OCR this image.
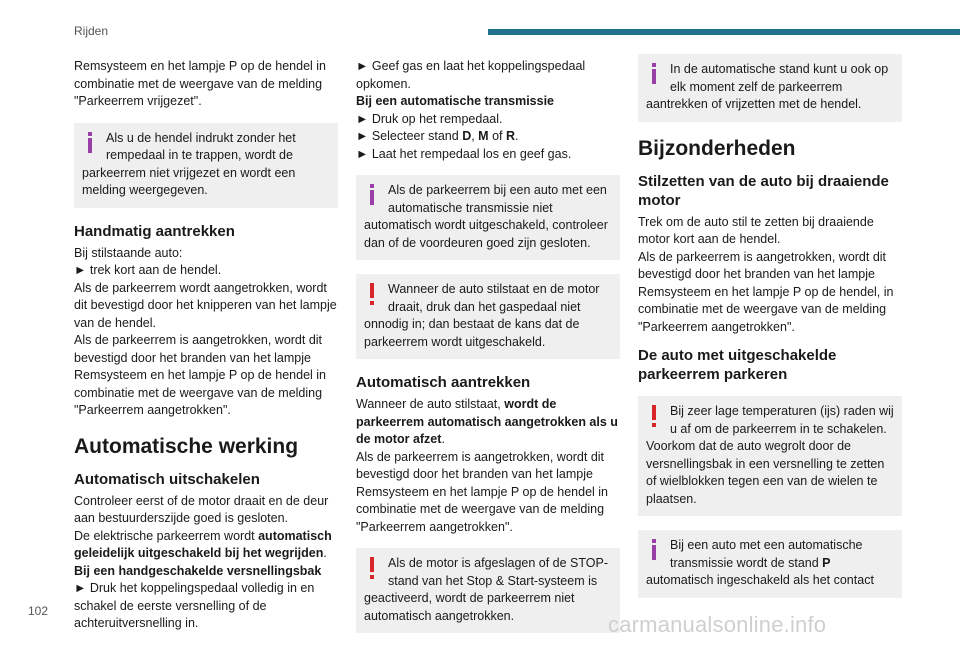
Rijden

Remsysteem en het lampje P op de hendel in combinatie met de weergave van de melding "Parkeerrem vrijgezet".

Als u de hendel indrukt zonder het rempedaal in te trappen, wordt de parkeerrem niet vrijgezet en wordt een melding weergegeven.
Handmatig aantrekken

Bij stilstaande auto:

► trek kort aan de hendel.

Als de parkeerrem wordt aangetrokken, wordt dit bevestigd door het knipperen van het lampje van de hendel.

Als de parkeerrem is aangetrokken, wordt dit bevestigd door het branden van het lampje Remsysteem en het lampje P op de hendel in combinatie met de weergave van de melding "Parkeerrem aangetrokken".

Automatische werking
Automatisch uitschakelen

Controleer eerst of de motor draait en de deur aan bestuurderszijde goed is gesloten.

De elektrische parkeerrem wordt automatisch geleidelijk uitgeschakeld bij het wegrijden.

Bij een handgeschakelde versnellingsbak

► Druk het koppelingspedaal volledig in en schakel de eerste versnelling of de achteruitversnelling in.

► Geef gas en laat het koppelingspedaal opkomen.

Bij een automatische transmissie

► Druk op het rempedaal.

► Selecteer stand D, M of R.

► Laat het rempedaal los en geef gas.

Als de parkeerrem bij een auto met een automatische transmissie niet automatisch wordt uitgeschakeld, controleer dan of de voordeuren goed zijn gesloten.
Wanneer de auto stilstaat en de motor draait, druk dan het gaspedaal niet onnodig in; dan bestaat de kans dat de parkeerrem wordt uitgeschakeld.
Automatisch aantrekken

Wanneer de auto stilstaat, wordt de parkeerrem automatisch aangetrokken als u de motor afzet.

Als de parkeerrem is aangetrokken, wordt dit bevestigd door het branden van het lampje Remsysteem en het lampje P op de hendel in combinatie met de weergave van de melding "Parkeerrem aangetrokken".

Als de motor is afgeslagen of de STOP-stand van het Stop & Start-systeem is geactiveerd, wordt de parkeerrem niet automatisch aangetrokken.
In de automatische stand kunt u ook op elk moment zelf de parkeerrem aantrekken of vrijzetten met de hendel.
Bijzonderheden
Stilzetten van de auto bij draaiende motor

Trek om de auto stil te zetten bij draaiende motor kort aan de hendel.

Als de parkeerrem is aangetrokken, wordt dit bevestigd door het branden van het lampje Remsysteem en het lampje P op de hendel, in combinatie met de weergave van de melding "Parkeerrem aangetrokken".

De auto met uitgeschakelde parkeerrem parkeren
Bij zeer lage temperaturen (ijs) raden wij u af om de parkeerrem in te schakelen. Voorkom dat de auto wegrolt door de versnellingsbak in een versnelling te zetten of wielblokken tegen een van de wielen te plaatsen.
Bij een auto met een automatische transmissie wordt de stand P automatisch ingeschakeld als het contact
102
carmanualsonline.info
